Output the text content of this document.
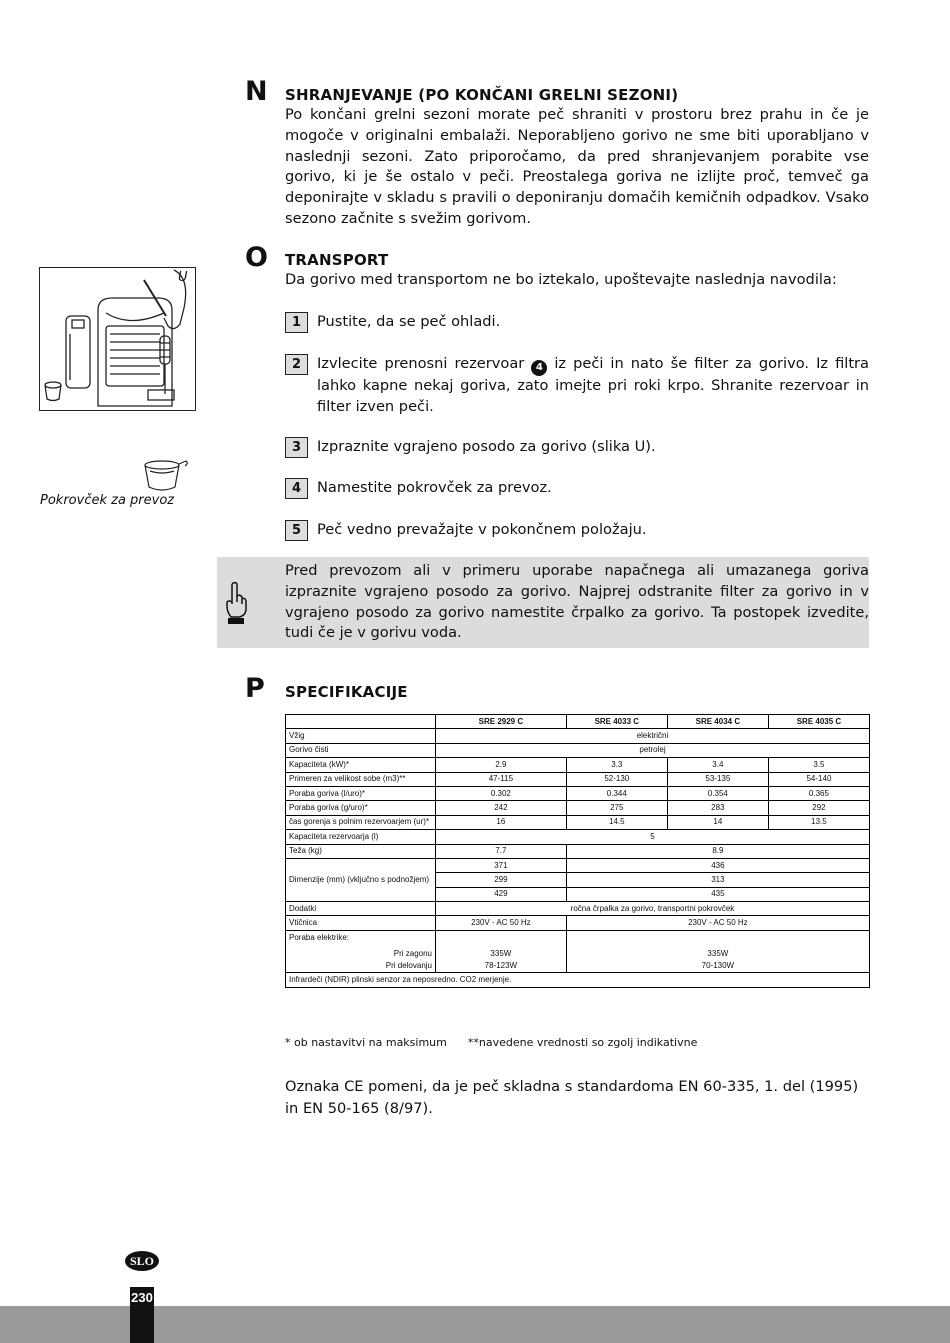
N SHRANJEVANJE (PO KONČANI GRELNI SEZONI)
Po končani grelni sezoni morate peč shraniti v prostoru brez prahu in če je mogoče v originalni embalaži. Neporabljeno gorivo ne sme biti uporabljano v naslednji sezoni. Zato priporočamo, da pred shranjevanjem porabite vse gorivo, ki je še ostalo v peči. Preostalega goriva ne izlijte proč, temveč ga deponirajte v skladu s pravili o deponiranju domačih kemičnih odpadkov. Vsako sezono začnite s svežim gorivom.
O TRANSPORT
Da gorivo med transportom ne bo iztekalo, upoštevajte naslednja navodila:
U
Pokrovček za prevoz
1	Pustite, da se peč ohladi.
2	Izvlecite prenosni rezervoar 4 iz peči in nato še filter za gorivo. Iz filtra lahko kapne nekaj goriva, zato imejte pri roki krpo. Shranite rezervoar in filter izven peči.
3	Izpraznite vgrajeno posodo za gorivo (slika U).
4	Namestite pokrovček za prevoz.
5	Peč vedno prevažajte v pokončnem položaju.
Pred prevozom ali v primeru uporabe napačnega ali umazanega goriva izpraznite vgrajeno posodo za gorivo. Najprej odstranite filter za gorivo in v vgrajeno posodo za gorivo namestite črpalko za gorivo. Ta postopek izvedite, tudi če je v gorivu voda.
P SPECIFIKACIJE
	SRE 2929 C	SRE 4033 C	SRE 4034 C	SRE 4035 C
Vžig	električni			
Gorivo čisti	petrolej			
Kapaciteta (kW)*	2.9	3.3	3.4	3.5
Primeren za velikost sobe (m3)**	47-115	52-130	53-135	54-140
Poraba goriva (l/uro)*	0.302	0.344	0.354	0.365
Poraba goriva (g/uro)*	242	275	283	292
čas gorenja s polnim rezervoarjem (ur)*	16	14.5	14	13.5
Kapaciteta rezervoarja (l)	5			
Teža (kg)	7.7	8.9		
Dimenzije (mm) (vključno s podnožjem)	371	436		
	299	313		
	429	435		
Dodatki	ročna črpalka za gorivo, transportni pokrovček			
Vtičnica	230V - AC 50 Hz	230V - AC 50 Hz		

Poraba elektrike:
Pri zagonu	335W	335W		
Pri delovanju	78-123W	70-130W		
Infrardeči (NDIR) plinski senzor za neposredno. CO2 merjenje.				
* ob nastavitvi na maksimum **navedene vrednosti so zgolj indikativne
Oznaka CE pomeni, da je peč skladna s standardoma EN 60-335, 1. del (1995) in EN 50-165 (8/97).
230
SLO
